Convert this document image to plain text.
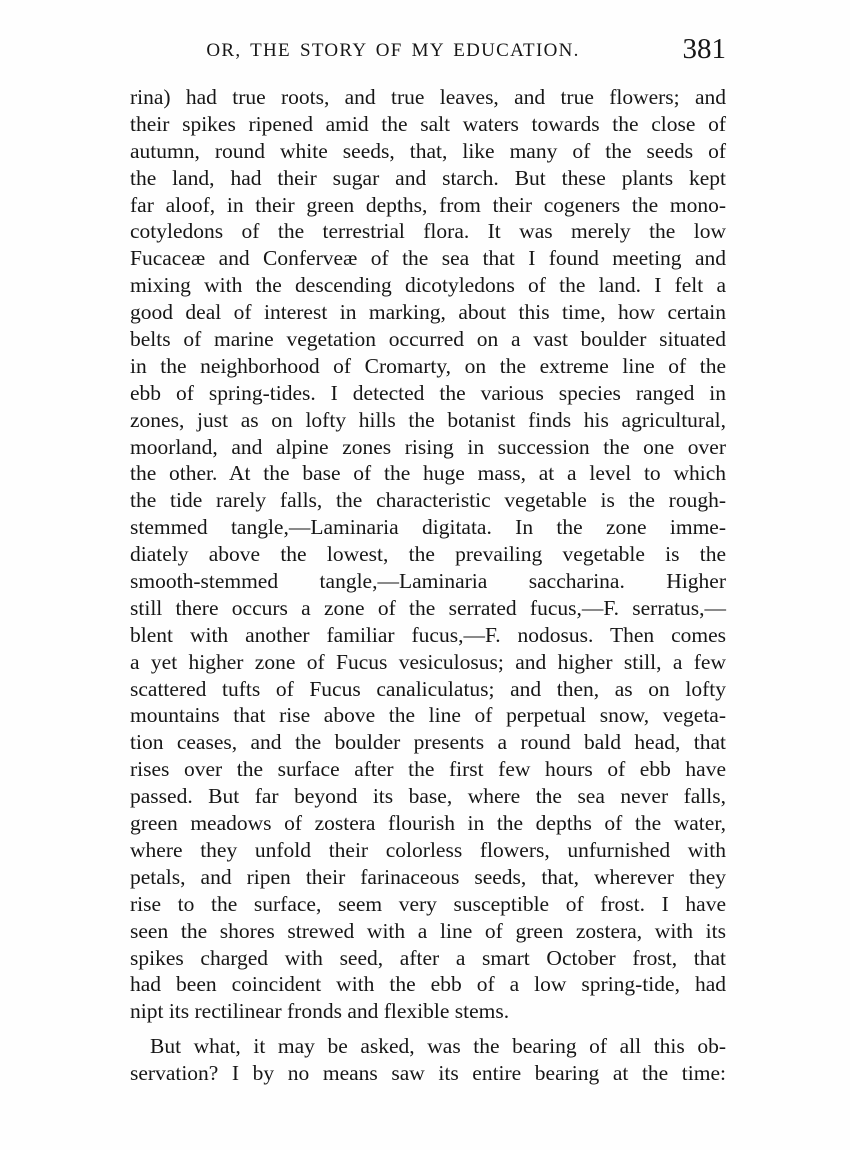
OR, THE STORY OF MY EDUCATION.	381
rina) had true roots, and true leaves, and true flowers; and
their spikes ripened amid the salt waters towards the close of
autumn, round white seeds, that, like many of the seeds of
the land, had their sugar and starch. But these plants kept
far aloof, in their green depths, from their cogeners the mono-
cotyledons of the terrestrial flora. It was merely the low
Fucaceæ and Conferveæ of the sea that I found meeting and
mixing with the descending dicotyledons of the land. I felt a
good deal of interest in marking, about this time, how certain
belts of marine vegetation occurred on a vast boulder situated
in the neighborhood of Cromarty, on the extreme line of the
ebb of spring-tides. I detected the various species ranged in
zones, just as on lofty hills the botanist finds his agricultural,
moorland, and alpine zones rising in succession the one over
the other. At the base of the huge mass, at a level to which
the tide rarely falls, the characteristic vegetable is the rough-
stemmed tangle,—Laminaria digitata. In the zone imme-
diately above the lowest, the prevailing vegetable is the
smooth-stemmed tangle,—Laminaria saccharina. Higher
still there occurs a zone of the serrated fucus,—F. serratus,—
blent with another familiar fucus,—F. nodosus. Then comes
a yet higher zone of Fucus vesiculosus; and higher still, a few
scattered tufts of Fucus canaliculatus; and then, as on lofty
mountains that rise above the line of perpetual snow, vegeta-
tion ceases, and the boulder presents a round bald head, that
rises over the surface after the first few hours of ebb have
passed. But far beyond its base, where the sea never falls,
green meadows of zostera flourish in the depths of the water,
where they unfold their colorless flowers, unfurnished with
petals, and ripen their farinaceous seeds, that, wherever they
rise to the surface, seem very susceptible of frost. I have
seen the shores strewed with a line of green zostera, with its
spikes charged with seed, after a smart October frost, that
had been coincident with the ebb of a low spring-tide, had
nipt its rectilinear fronds and flexible stems.
But what, it may be asked, was the bearing of all this ob-
servation? I by no means saw its entire bearing at the time:
